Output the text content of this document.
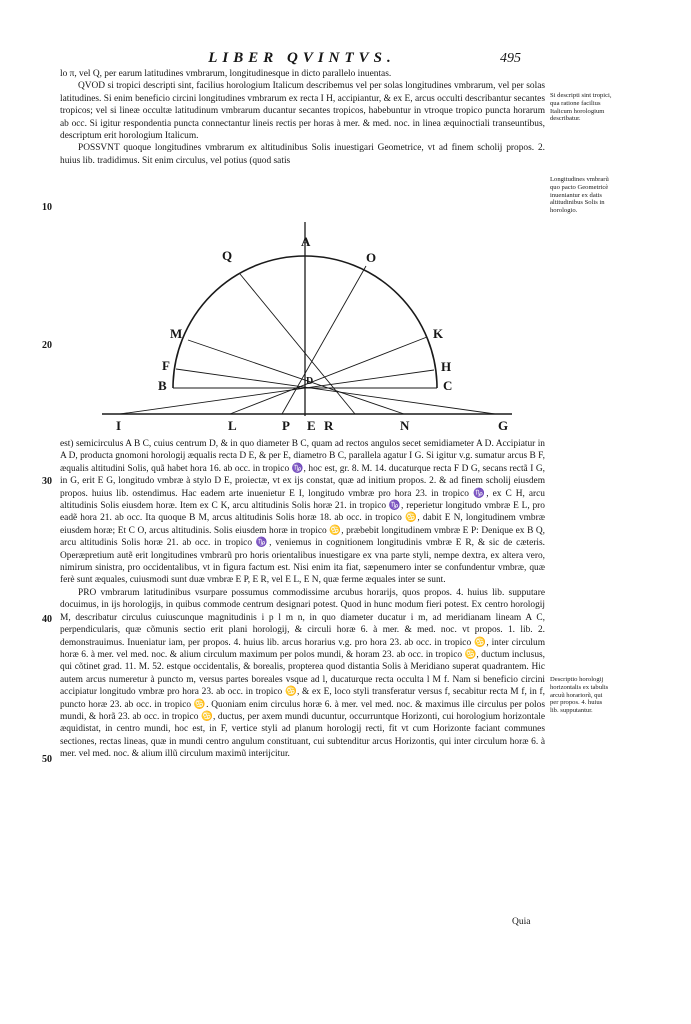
LIBER QVINTVS.	495
10
20
30
40
50

lo π, vel Q, per earum latitudines vmbrarum, longitudinesque in dicto parallelo inuentas.

QVOD si tropici descripti sint, facilius horologium Italicum describemus vel per solas longitudines vmbrarum, vel per solas latitudines. Si enim beneficio circini longitudines vmbrarum ex recta I H, accipiantur, & ex E, arcus occulti describantur secantes tropicos; vel si lineæ occultæ latitudinum vmbrarum ducantur secantes tropicos, habebuntur in vtroque tropico puncta horarum ab occ. Si igitur respondentia puncta connectantur lineis rectis per horas à mer. & med. noc. in linea æquinoctiali transeuntibus, descriptum erit horologium Italicum.

POSSVNT quoque longitudines vmbrarum ex altitudinibus Solis inuestigari Geometrice, vt ad finem scholij propos. 2. huius lib. tradidimus. Sit enim circulus, vel potius (quod satis

Si descripti sint tropici, qua ratione facilius Italicum horologium describatur.
Longitudines vmbrarũ quo pacto Geometricè inueniantur ex datis altitudinibus Solis in horologio.
Descriptio horologij horizontalis ex tabulis arcuũ horariorũ, qui per propos. 4. huius lib. supputantur.
A
O
Q
K
M
H
F
C
B	D
I	L	P E R	N	G

est) semicirculus A B C, cuius centrum D, & in quo diameter B C, quam ad rectos angulos secet semidiameter A D. Accipiatur in A D, producta gnomoni horologij æqualis recta D E, & per E, diametro B C, parallela agatur I G. Si igitur v.g. sumatur arcus B F, æqualis altitudini Solis, quã habet hora 16. ab occ. in tropico ♑, hoc est, gr. 8. M. 14. ducaturque recta F D G, secans rectã I G, in G, erit E G, longitudo vmbræ à stylo D E, proiectæ, vt ex ijs constat, quæ ad initium propos. 2. & ad finem scholij eiusdem propos. huius lib. ostendimus. Hac eadem arte inuenietur E I, longitudo vmbræ pro hora 23. in tropico ♑, ex C H, arcu altitudinis Solis eiusdem horæ. Item ex C K, arcu altitudinis Solis horæ 21. in tropico ♑, reperietur longitudo vmbræ E L, pro eadẽ hora 21. ab occ. Ita quoque B M, arcus altitudinis Solis horæ 18. ab occ. in tropico ♋, dabit E N, longitudinem vmbræ eiusdem horæ; Et C O, arcus altitudinis. Solis eiusdem horæ in tropico ♋, præbebit longitudinem vmbræ E P: Denique ex B Q, arcu altitudinis Solis horæ 21. ab occ. in tropico ♑, veniemus in cognitionem longitudinis vmbræ E R, & sic de cæteris. Operæpretium autẽ erit longitudines vmbrarũ pro horis orientalibus inuestigare ex vna parte styli, nempe dextra, ex altera vero, nimirum sinistra, pro occidentalibus, vt in figura factum est. Nisi enim ita fiat, sæpenumero inter se confundentur vmbræ, quæ ferè sunt æquales, cuiusmodi sunt duæ vmbræ E P, E R, vel E L, E N, quæ ferme æquales inter se sunt.

PRO vmbrarum latitudinibus vsurpare possumus commodissime arcubus horarijs, quos propos. 4. huius lib. supputare docuimus, in ijs horologijs, in quibus commode centrum designari potest. Quod in hunc modum fieri potest. Ex centro horologij M, describatur circulus cuiuscunque magnitudinis i p l m n, in quo diameter ducatur i m, ad meridianam lineam A C, perpendicularis, quæ cõmunis sectio erit plani horologij, & circuli horæ 6. à mer. & med. noc. vt propos. 1. lib. 2. demonstrauimus. Inueniatur iam, per propos. 4. huius lib. arcus horarius v.g. pro hora 23. ab occ. in tropico ♋, inter circulum horæ 6. à mer. vel med. noc. & alium circulum maximum per polos mundi, & horam 23. ab occ. in tropico ♋, ductum inclusus, qui cõtinet grad. 11. M. 52. estque occidentalis, & borealis, propterea quod distantia Solis à Meridiano superat quadrantem. Hic autem arcus numeretur à puncto m, versus partes boreales vsque ad l, ducaturque recta occulta l M f. Nam si beneficio circini accipiatur longitudo vmbræ pro hora 23. ab occ. in tropico ♋, & ex E, loco styli transferatur versus f, secabitur recta M f, in f, puncto horæ 23. ab occ. in tropico ♋. Quoniam enim circulus horæ 6. à mer. vel med. noc. & maximus ille circulus per polos mundi, & horã 23. ab occ. in tropico ♋, ductus, per axem mundi ducuntur, occurruntque Horizonti, cui horologium horizontale æquidistat, in centro mundi, hoc est, in F, vertice styli ad planum horologij recti, fit vt cum Horizonte faciant communes sectiones, rectas lineas, quæ in mundi centro angulum constituant, cui subtenditur arcus Horizontis, qui inter circulum horæ 6. à mer. vel med. noc. & alium illũ circulum maximũ interijcitur.

Quia
